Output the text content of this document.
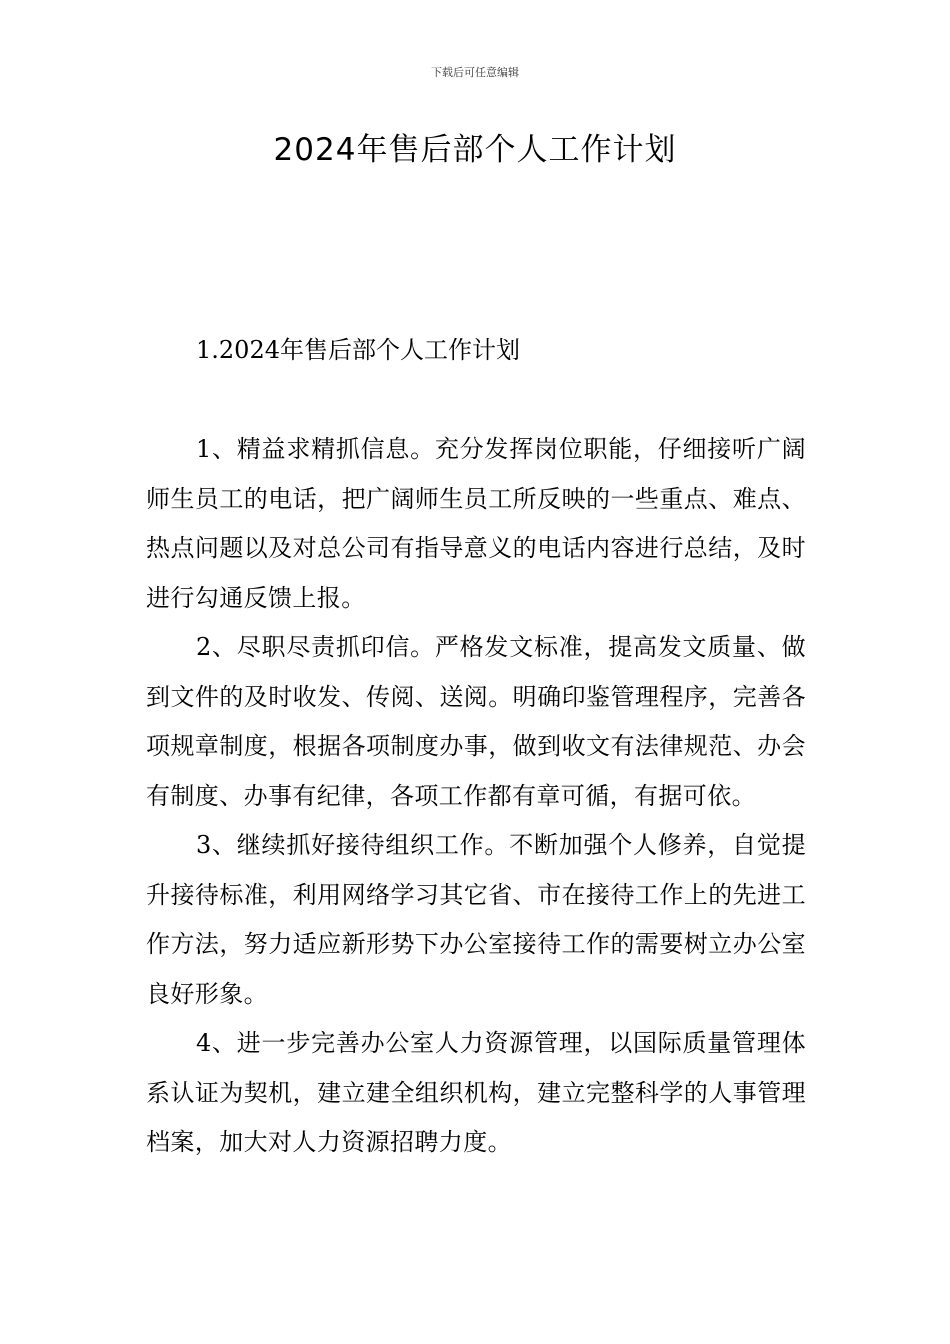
下载后可任意编辑
2024年售后部个人工作计划
1.2024年售后部个人工作计划

1、精益求精抓信息。充分发挥岗位职能，仔细接听广阔师生员工的电话，把广阔师生员工所反映的一些重点、难点、热点问题以及对总公司有指导意义的电话内容进行总结，及时进行勾通反馈上报。

2、尽职尽责抓印信。严格发文标准，提高发文质量、做到文件的及时收发、传阅、送阅。明确印鉴管理程序，完善各项规章制度，根据各项制度办事，做到收文有法律规范、办会有制度、办事有纪律，各项工作都有章可循，有据可依。

3、继续抓好接待组织工作。不断加强个人修养，自觉提升接待标准，利用网络学习其它省、市在接待工作上的先进工作方法，努力适应新形势下办公室接待工作的需要树立办公室良好形象。

4、进一步完善办公室人力资源管理，以国际质量管理体系认证为契机，建立建全组织机构，建立完整科学的人事管理档案，加大对人力资源招聘力度。
